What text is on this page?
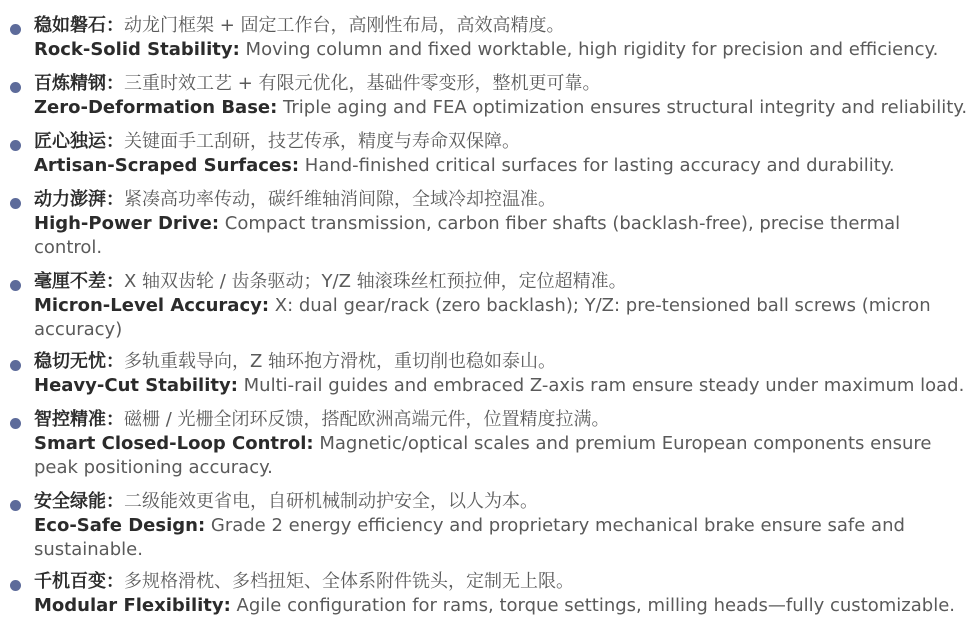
稳如磐石：动龙门框架 + 固定工作台，高刚性布局，高效高精度。
Rock-Solid Stability: Moving column and fixed worktable, high rigidity for precision and efficiency.
百炼精钢：三重时效工艺 + 有限元优化，基础件零变形，整机更可靠。
Zero-Deformation Base: Triple aging and FEA optimization ensures structural integrity and reliability.
匠心独运：关键面手工刮研，技艺传承，精度与寿命双保障。
Artisan-Scraped Surfaces: Hand-finished critical surfaces for lasting accuracy and durability.
动力澎湃：紧凑高功率传动，碳纤维轴消间隙，全域冷却控温准。
High-Power Drive: Compact transmission, carbon fiber shafts (backlash-free), precise thermal control.
毫厘不差：X 轴双齿轮 / 齿条驱动；Y/Z 轴滚珠丝杠预拉伸，定位超精准。
Micron-Level Accuracy: X: dual gear/rack (zero backlash); Y/Z: pre-tensioned ball screws (micron accuracy)
稳切无忧：多轨重载导向，Z 轴环抱方滑枕，重切削也稳如泰山。
Heavy-Cut Stability: Multi-rail guides and embraced Z-axis ram ensure steady under maximum load.
智控精准：磁栅 / 光栅全闭环反馈，搭配欧洲高端元件，位置精度拉满。
Smart Closed-Loop Control: Magnetic/optical scales and premium European components ensure peak positioning accuracy.
安全绿能：二级能效更省电，自研机械制动护安全，以人为本。
Eco-Safe Design: Grade 2 energy efficiency and proprietary mechanical brake ensure safe and sustainable.
千机百变：多规格滑枕、多档扭矩、全体系附件铣头，定制无上限。
Modular Flexibility: Agile configuration for rams, torque settings, milling heads—fully customizable.
